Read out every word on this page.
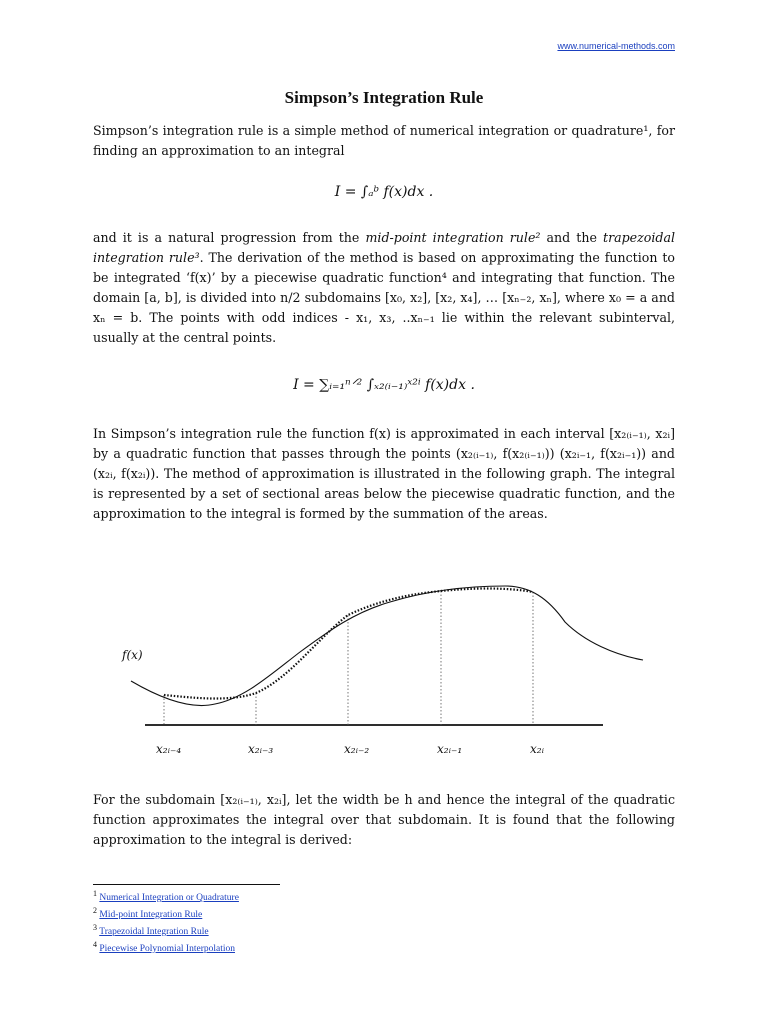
www.numerical-methods.com
Simpson’s Integration Rule

Simpson’s integration rule is a simple method of numerical integration or quadrature¹, for finding an approximation to an integral

I = ∫ₐᵇ f(x)dx .

and it is a natural progression from the mid-point integration rule² and the trapezoidal integration rule³. The derivation of the method is based on approximating the function to be integrated ‘f(x)’ by a piecewise quadratic function⁴ and integrating that function. The domain [a, b], is divided into n/2 subdomains [x₀, x₂], [x₂, x₄], … [xₙ₋₂, xₙ], where x₀ = a and xₙ = b. The points with odd indices - x₁, x₃, ..xₙ₋₁ lie within the relevant subinterval, usually at the central points.

I = ∑ᵢ₌₁ⁿᐟ² ∫ₓ₂₍ᵢ₋₁₎ˣ²ⁱ f(x)dx .

In Simpson’s integration rule the function f(x) is approximated in each interval [x₂₍ᵢ₋₁₎, x₂ᵢ] by a quadratic function that passes through the points (x₂₍ᵢ₋₁₎, f(x₂₍ᵢ₋₁₎)) (x₂ᵢ₋₁, f(x₂ᵢ₋₁)) and (x₂ᵢ, f(x₂ᵢ)). The method of approximation is illustrated in the following graph. The integral is represented by a set of sectional areas below the piecewise quadratic function, and the approximation to the integral is formed by the summation of the areas.

f(x)
x₂ᵢ₋₄	x₂ᵢ₋₃	x₂ᵢ₋₂	x₂ᵢ₋₁	x₂ᵢ

For the subdomain [x₂₍ᵢ₋₁₎, x₂ᵢ], let the width be h and hence the integral of the quadratic function approximates the integral over that subdomain. It is found that the following approximation to the integral is derived:

$^1$ Numerical Integration or Quadrature
$^2$ Mid-point Integration Rule
$^3$ Trapezoidal Integration Rule
$^4$ Piecewise Polynomial Interpolation
